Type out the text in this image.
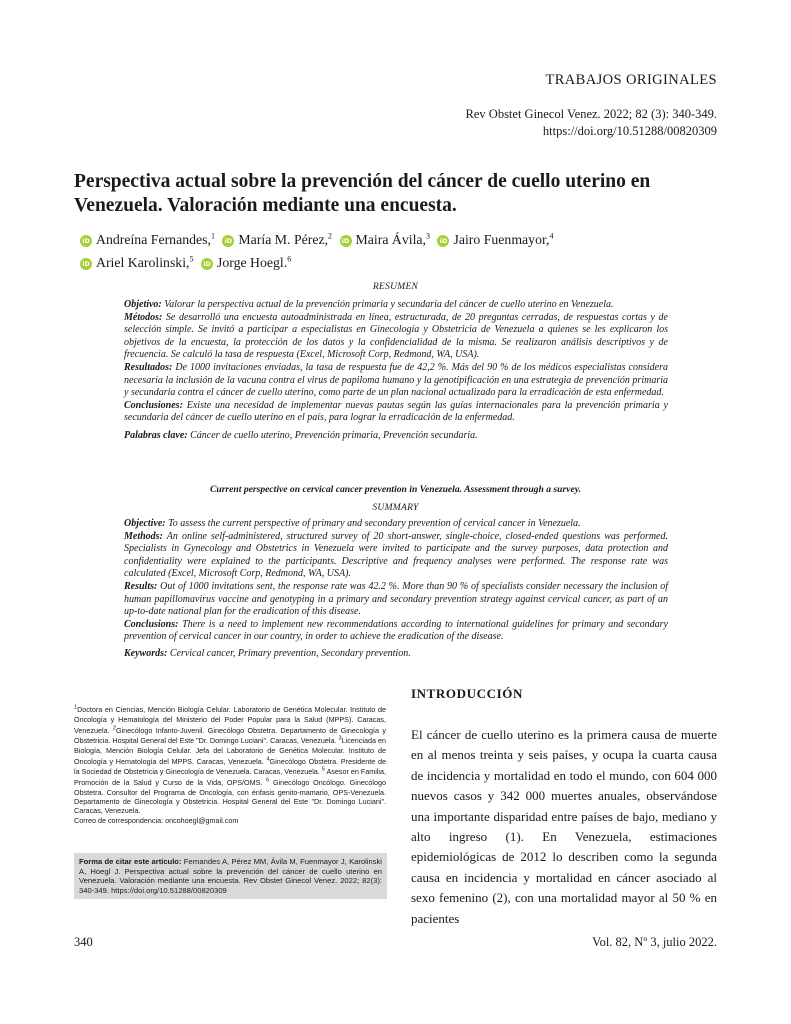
TRABAJOS ORIGINALES
Rev Obstet Ginecol Venez. 2022; 82 (3): 340-349.
https://doi.org/10.51288/00820309
Perspectiva actual sobre la prevención del cáncer de cuello uterino en
Venezuela. Valoración mediante una encuesta.
iD Andreína Fernandes,$^1$ iD María M. Pérez,$^2$ iD Maira Ávila,$^3$ iD Jairo Fuenmayor,$^4$
iD Ariel Karolinski,$^5$ iD Jorge Hoegl.$^6$
RESUMEN

Objetivo: Valorar la perspectiva actual de la prevención primaria y secundaria del cáncer de cuello uterino en Venezuela.

Métodos: Se desarrolló una encuesta autoadministrada en línea, estructurada, de 20 preguntas cerradas, de respuestas cortas y de selección simple. Se invitó a participar a especialistas en Ginecología y Obstetricia de Venezuela a quienes se les explicaron los objetivos de la encuesta, la protección de los datos y la confidencialidad de la misma. Se realizaron análisis descriptivos y de frecuencia. Se calculó la tasa de respuesta (Excel, Microsoft Corp, Redmond, WA, USA).

Resultados: De 1000 invitaciones enviadas, la tasa de respuesta fue de 42,2 %. Más del 90 % de los médicos especialistas considera necesaria la inclusión de la vacuna contra el virus de papiloma humano y la genotipificación en una estrategia de prevención primaria y secundaria contra el cáncer de cuello uterino, como parte de un plan nacional actualizado para la erradicación de esta enfermedad.

Conclusiones: Existe una necesidad de implementar nuevas pautas según las guías internacionales para la prevención primaria y secundaria del cáncer de cuello uterino en el país, para lograr la erradicación de la enfermedad.

Palabras clave: Cáncer de cuello uterino, Prevención primaria, Prevención secundaria.

Current perspective on cervical cancer prevention in Venezuela. Assessment through a survey.
SUMMARY

Objective: To assess the current perspective of primary and secondary prevention of cervical cancer in Venezuela.

Methods: An online self-administered, structured survey of 20 short-answer, single-choice, closed-ended questions was performed. Specialists in Gynecology and Obstetrics in Venezuela were invited to participate and the survey purposes, data protection and confidentiality were explained to the participants. Descriptive and frequency analyses were performed. The response rate was calculated (Excel, Microsoft Corp, Redmond, WA, USA).

Results: Out of 1000 invitations sent, the response rate was 42.2 %. More than 90 % of specialists consider necessary the inclusion of human papillomavirus vaccine and genotyping in a primary and secondary prevention strategy against cervical cancer, as part of an up-to-date national plan for the eradication of this disease.

Conclusions: There is a need to implement new recommendations according to international guidelines for primary and secondary prevention of cervical cancer in our country, in order to achieve the eradication of the disease.

Keywords: Cervical cancer, Primary prevention, Secondary prevention.

$^1$Doctora en Ciencias, Mención Biología Celular. Laboratorio de Genética Molecular. Instituto de Oncología y Hematología del Ministerio del Poder Popular para la Salud (MPPS). Caracas, Venezuela. $^2$Ginecólogo Infanto-Juvenil. Ginecólogo Obstetra. Departamento de Ginecología y Obstetricia. Hospital General del Este "Dr. Domingo Luciani". Caracas, Venezuela. $^3$Licenciada en Biología, Mención Biología Celular. Jefa del Laboratorio de Genética Molecular. Instituto de Oncología y Hematología del MPPS. Caracas, Venezuela. $^4$Ginecólogo Obstetra. Presidente de la Sociedad de Obstetricia y Ginecología de Venezuela. Caracas, Venezuela. $^5$ Asesor en Familia, Promoción de la Salud y Curso de la Vida, OPS/OMS. $^6$ Ginecólogo Oncólogo. Ginecólogo Obstetra. Consultor del Programa de Oncología, con énfasis genito-mamario, OPS-Venezuela. Departamento de Ginecología y Obstetricia. Hospital General del Este "Dr. Domingo Luciani". Caracas, Venezuela.
Correo de correspondencia: oncohoegl@gmail.com
Forma de citar este artículo: Fernandes A, Pérez MM, Ávila M, Fuenmayor J, Karolinski A, Hoegl J. Perspectiva actual sobre la prevención del cáncer de cuello uterino en Venezuela. Valoración mediante una encuesta. Rev Obstet Ginecol Venez. 2022; 82(3): 340-349. https://doi.org/10.51288/00820309
INTRODUCCIÓN
El cáncer de cuello uterino es la primera causa de muerte en al menos treinta y seis países, y ocupa la cuarta causa de incidencia y mortalidad en todo el mundo, con 604 000 nuevos casos y 342 000 muertes anuales, observándose una importante disparidad entre países de bajo, mediano y alto ingreso (1). En Venezuela, estimaciones epidemiológicas de 2012 lo describen como la segunda causa en incidencia y mortalidad en cáncer asociado al sexo femenino (2), con una mortalidad mayor al 50 % en pacientes
340	Vol. 82, Nº 3, julio 2022.
